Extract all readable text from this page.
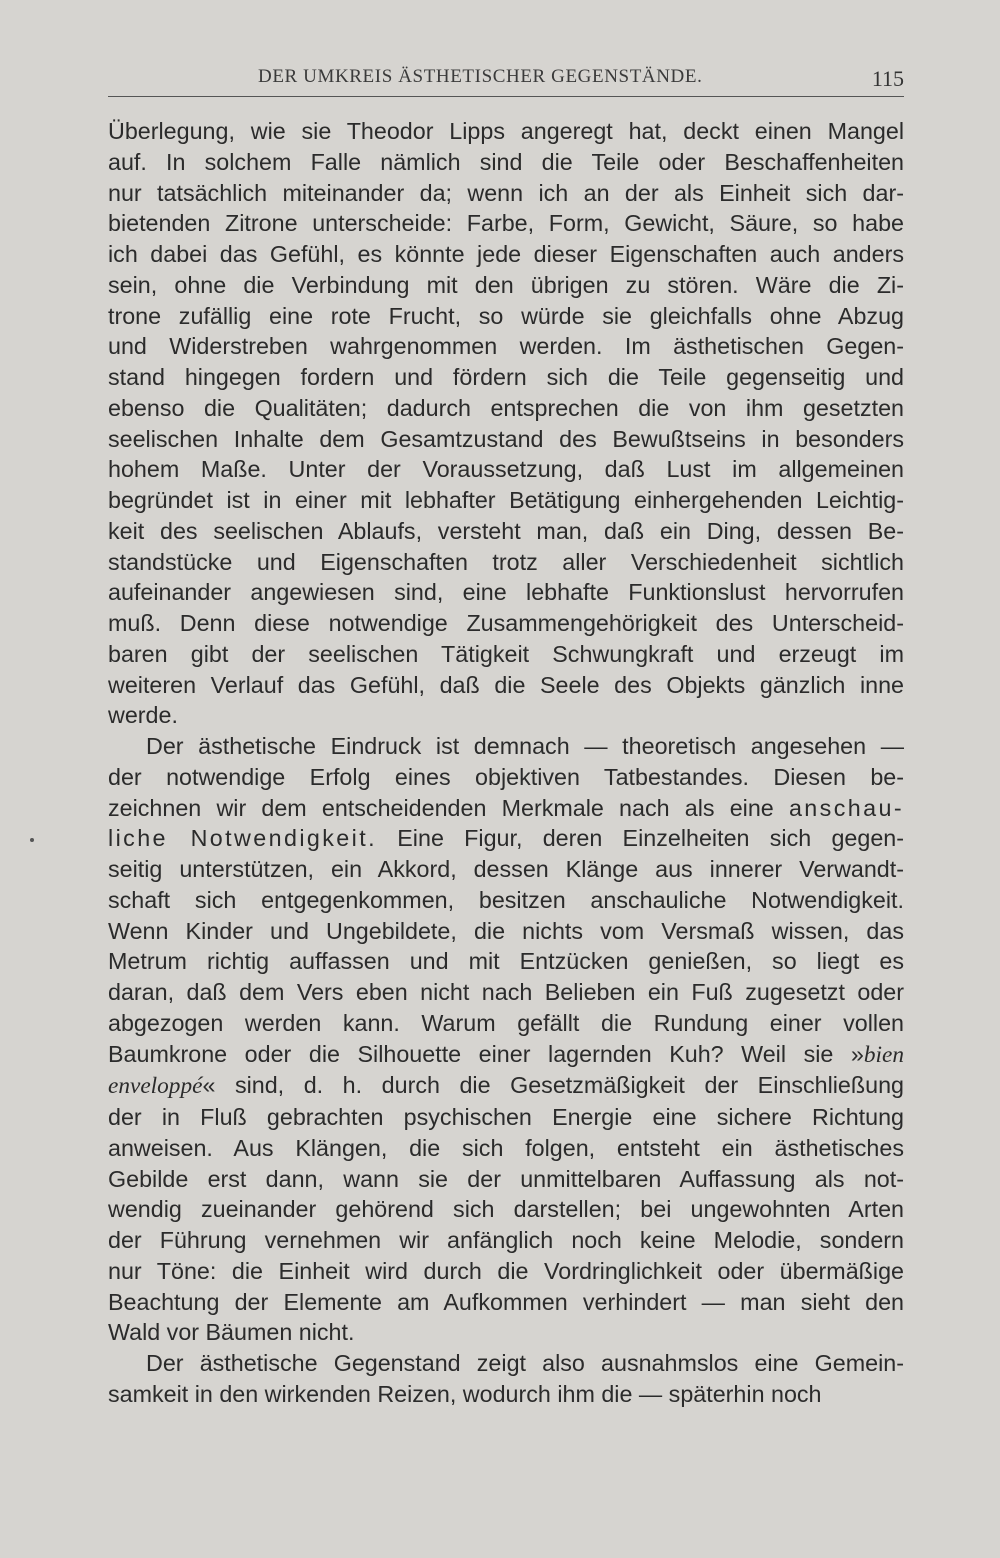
DER UMKREIS ÄSTHETISCHER GEGENSTÄNDE.	115

Überlegung, wie sie Theodor Lipps angeregt hat, deckt einen Mangel
auf. In solchem Falle nämlich sind die Teile oder Beschaffenheiten
nur tatsächlich miteinander da; wenn ich an der als Einheit sich dar-
bietenden Zitrone unterscheide: Farbe, Form, Gewicht, Säure, so habe
ich dabei das Gefühl, es könnte jede dieser Eigenschaften auch anders
sein, ohne die Verbindung mit den übrigen zu stören. Wäre die Zi-
trone zufällig eine rote Frucht, so würde sie gleichfalls ohne Abzug
und Widerstreben wahrgenommen werden. Im ästhetischen Gegen-
stand hingegen fordern und fördern sich die Teile gegenseitig und
ebenso die Qualitäten; dadurch entsprechen die von ihm gesetzten
seelischen Inhalte dem Gesamtzustand des Bewußtseins in besonders
hohem Maße. Unter der Voraussetzung, daß Lust im allgemeinen
begründet ist in einer mit lebhafter Betätigung einhergehenden Leichtig-
keit des seelischen Ablaufs, versteht man, daß ein Ding, dessen Be-
standstücke und Eigenschaften trotz aller Verschiedenheit sichtlich
aufeinander angewiesen sind, eine lebhafte Funktionslust hervorrufen
muß. Denn diese notwendige Zusammengehörigkeit des Unterscheid-
baren gibt der seelischen Tätigkeit Schwungkraft und erzeugt im
weiteren Verlauf das Gefühl, daß die Seele des Objekts gänzlich inne
werde.

Der ästhetische Eindruck ist demnach — theoretisch angesehen —
der notwendige Erfolg eines objektiven Tatbestandes. Diesen be-
zeichnen wir dem entscheidenden Merkmale nach als eine anschau-
liche Notwendigkeit. Eine Figur, deren Einzelheiten sich gegen-
seitig unterstützen, ein Akkord, dessen Klänge aus innerer Verwandt-
schaft sich entgegenkommen, besitzen anschauliche Notwendigkeit.
Wenn Kinder und Ungebildete, die nichts vom Versmaß wissen, das
Metrum richtig auffassen und mit Entzücken genießen, so liegt es
daran, daß dem Vers eben nicht nach Belieben ein Fuß zugesetzt oder
abgezogen werden kann. Warum gefällt die Rundung einer vollen
Baumkrone oder die Silhouette einer lagernden Kuh? Weil sie »bien
enveloppé« sind, d. h. durch die Gesetzmäßigkeit der Einschließung
der in Fluß gebrachten psychischen Energie eine sichere Richtung
anweisen. Aus Klängen, die sich folgen, entsteht ein ästhetisches
Gebilde erst dann, wann sie der unmittelbaren Auffassung als not-
wendig zueinander gehörend sich darstellen; bei ungewohnten Arten
der Führung vernehmen wir anfänglich noch keine Melodie, sondern
nur Töne: die Einheit wird durch die Vordringlichkeit oder übermäßige
Beachtung der Elemente am Aufkommen verhindert — man sieht den
Wald vor Bäumen nicht.

Der ästhetische Gegenstand zeigt also ausnahmslos eine Gemein-
samkeit in den wirkenden Reizen, wodurch ihm die — späterhin noch
